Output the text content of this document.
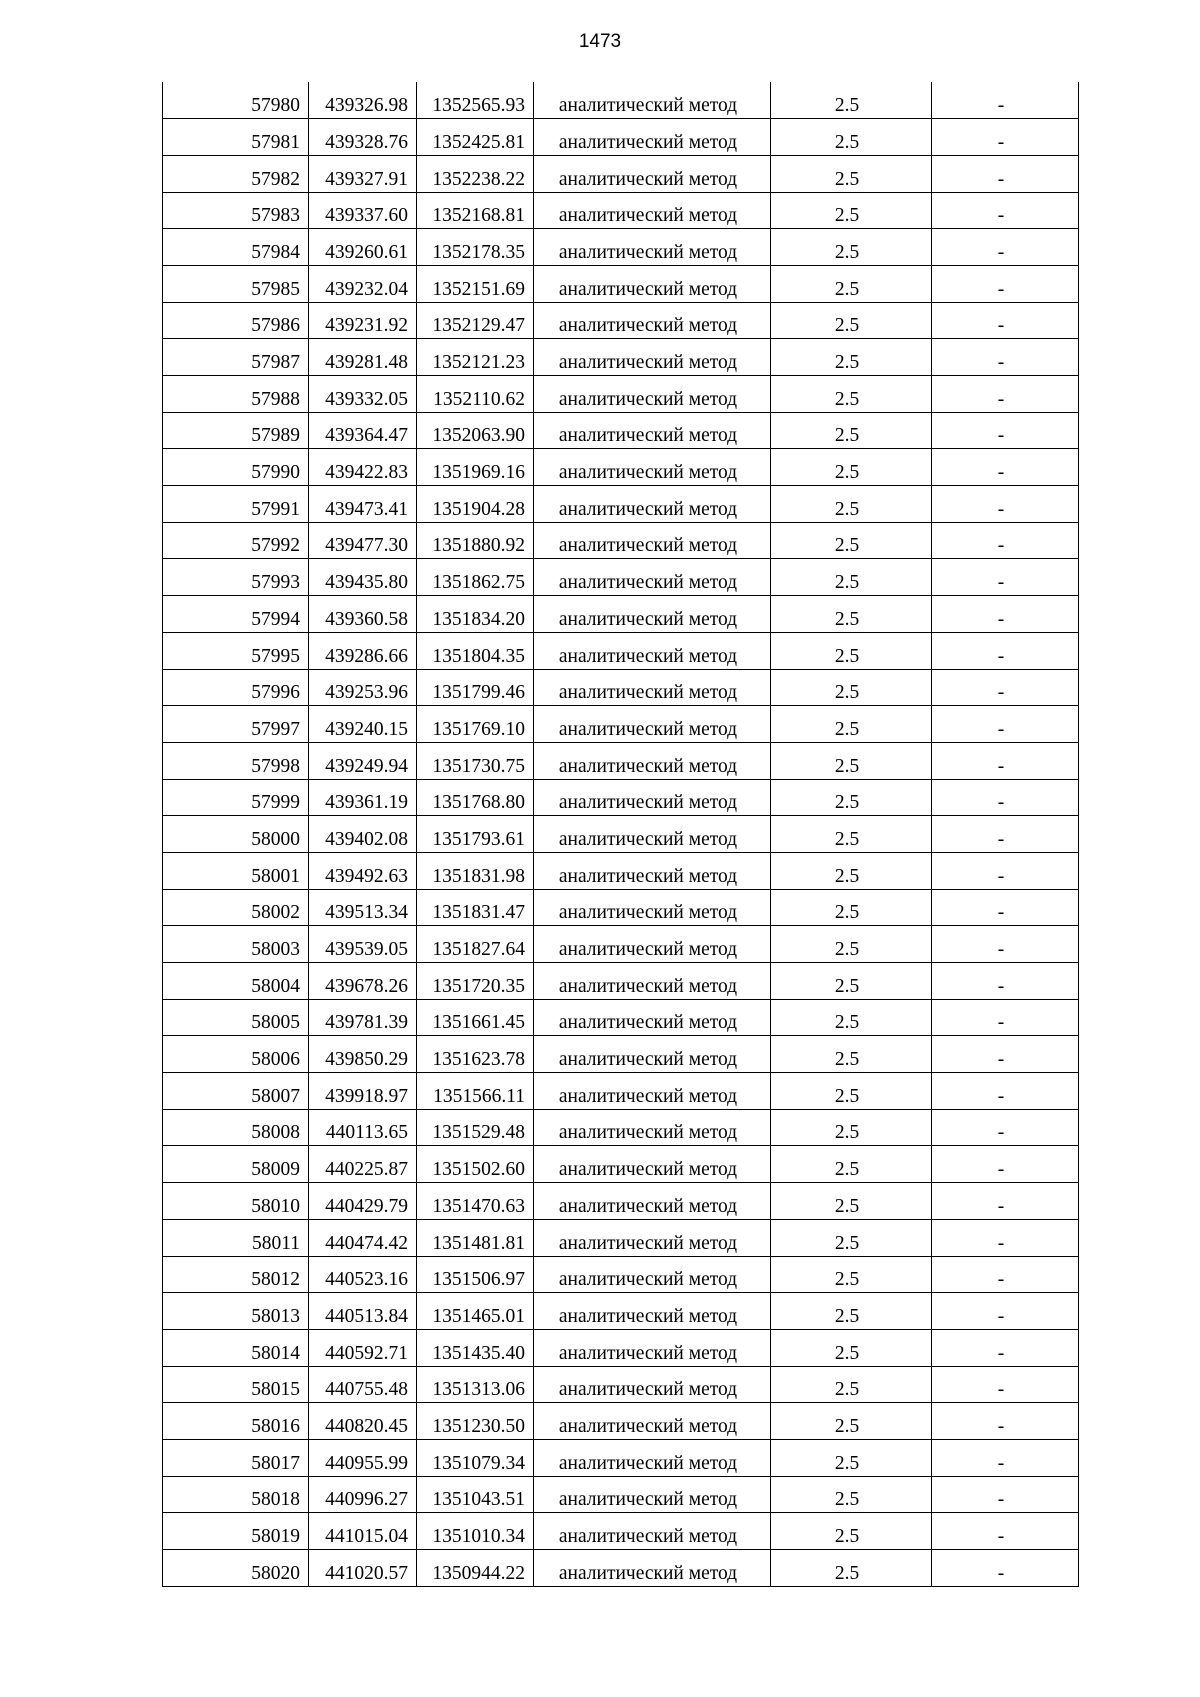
1473
57980	439326.98	1352565.93	аналитический метод	2.5	-
57981	439328.76	1352425.81	аналитический метод	2.5	-
57982	439327.91	1352238.22	аналитический метод	2.5	-
57983	439337.60	1352168.81	аналитический метод	2.5	-
57984	439260.61	1352178.35	аналитический метод	2.5	-
57985	439232.04	1352151.69	аналитический метод	2.5	-
57986	439231.92	1352129.47	аналитический метод	2.5	-
57987	439281.48	1352121.23	аналитический метод	2.5	-
57988	439332.05	1352110.62	аналитический метод	2.5	-
57989	439364.47	1352063.90	аналитический метод	2.5	-
57990	439422.83	1351969.16	аналитический метод	2.5	-
57991	439473.41	1351904.28	аналитический метод	2.5	-
57992	439477.30	1351880.92	аналитический метод	2.5	-
57993	439435.80	1351862.75	аналитический метод	2.5	-
57994	439360.58	1351834.20	аналитический метод	2.5	-
57995	439286.66	1351804.35	аналитический метод	2.5	-
57996	439253.96	1351799.46	аналитический метод	2.5	-
57997	439240.15	1351769.10	аналитический метод	2.5	-
57998	439249.94	1351730.75	аналитический метод	2.5	-
57999	439361.19	1351768.80	аналитический метод	2.5	-
58000	439402.08	1351793.61	аналитический метод	2.5	-
58001	439492.63	1351831.98	аналитический метод	2.5	-
58002	439513.34	1351831.47	аналитический метод	2.5	-
58003	439539.05	1351827.64	аналитический метод	2.5	-
58004	439678.26	1351720.35	аналитический метод	2.5	-
58005	439781.39	1351661.45	аналитический метод	2.5	-
58006	439850.29	1351623.78	аналитический метод	2.5	-
58007	439918.97	1351566.11	аналитический метод	2.5	-
58008	440113.65	1351529.48	аналитический метод	2.5	-
58009	440225.87	1351502.60	аналитический метод	2.5	-
58010	440429.79	1351470.63	аналитический метод	2.5	-
58011	440474.42	1351481.81	аналитический метод	2.5	-
58012	440523.16	1351506.97	аналитический метод	2.5	-
58013	440513.84	1351465.01	аналитический метод	2.5	-
58014	440592.71	1351435.40	аналитический метод	2.5	-
58015	440755.48	1351313.06	аналитический метод	2.5	-
58016	440820.45	1351230.50	аналитический метод	2.5	-
58017	440955.99	1351079.34	аналитический метод	2.5	-
58018	440996.27	1351043.51	аналитический метод	2.5	-
58019	441015.04	1351010.34	аналитический метод	2.5	-
58020	441020.57	1350944.22	аналитический метод	2.5	-
